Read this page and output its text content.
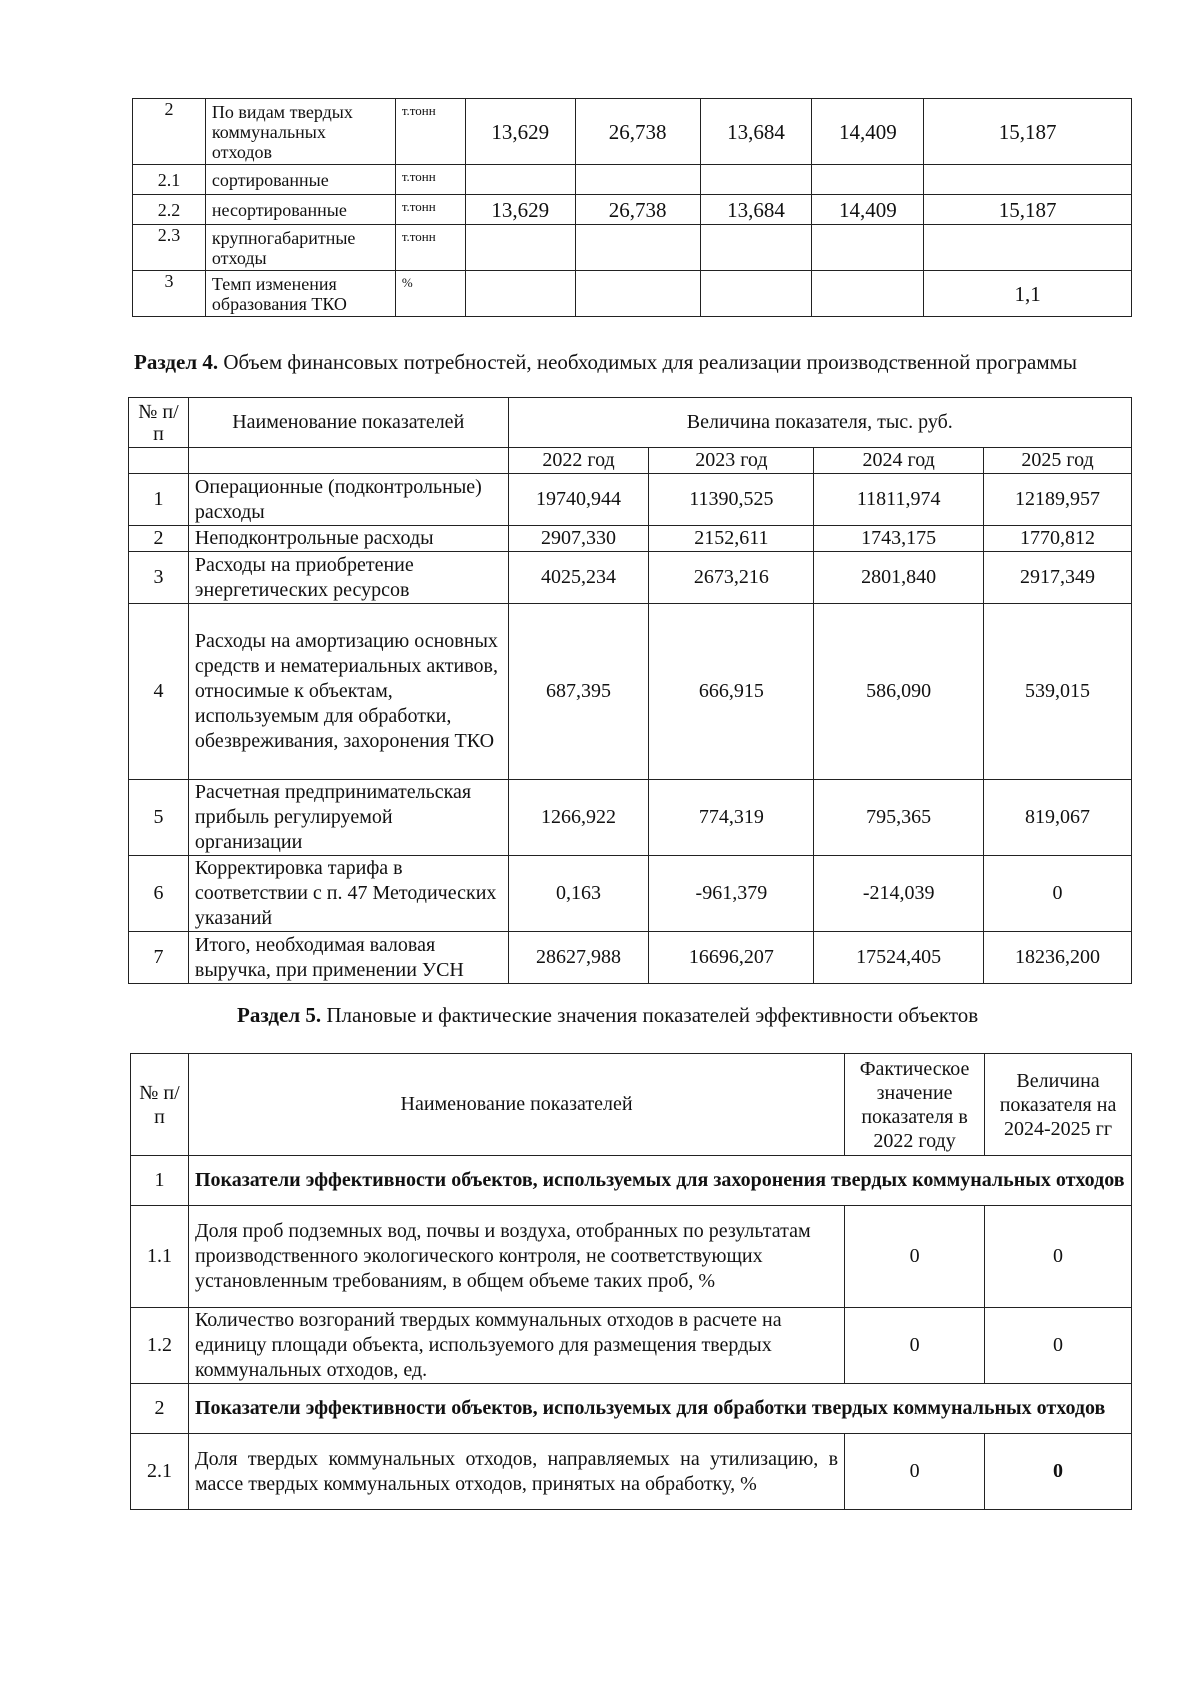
2	По видам твердых коммунальных отходов	т.тонн	13,629	26,738	13,684	14,409	15,187
2.1	сортированные	т.тонн					
2.2	несортированные	т.тонн	13,629	26,738	13,684	14,409	15,187
2.3	крупногабаритные отходы	т.тонн					
3	Темп изменения образования ТКО	%					1,1
Раздел 4. Объем финансовых потребностей, необходимых для реализации производственной программы
№ п/п	Наименование показателей	Величина показателя, тыс. руб.			
		2022 год	2023 год	2024 год	2025 год
1	Операционные (подконтрольные) расходы	19740,944	11390,525	11811,974	12189,957
2	Неподконтрольные расходы	2907,330	2152,611	1743,175	1770,812
3	Расходы на приобретение энергетических ресурсов	4025,234	2673,216	2801,840	2917,349
4	Расходы на амортизацию основных средств и нематериальных активов, относимые к объектам, используемым для обработки, обезвреживания, захоронения ТКО	687,395	666,915	586,090	539,015
5	Расчетная предпринимательская прибыль регулируемой организации	1266,922	774,319	795,365	819,067
6	Корректировка тарифа в соответствии с п. 47 Методических указаний	0,163	-961,379	-214,039	0
7	Итого, необходимая валовая выручка, при применении УСН	28627,988	16696,207	17524,405	18236,200
Раздел 5. Плановые и фактические значения показателей эффективности объектов
№ п/п	Наименование показателей	Фактическое значение показателя в 2022 году	Величина показателя на 2024-2025 гг
1	Показатели эффективности объектов, используемых для захоронения твердых коммунальных отходов		
1.1	Доля проб подземных вод, почвы и воздуха, отобранных по результатам производственного экологического контроля, не соответствующих установленным требованиям, в общем объеме таких проб, %	0	0
1.2	Количество возгораний твердых коммунальных отходов в расчете на единицу площади объекта, используемого для размещения твердых коммунальных отходов, ед.	0	0
2	Показатели эффективности объектов, используемых для обработки твердых коммунальных отходов		
2.1	Доля твердых коммунальных отходов, направляемых на утилизацию, в массе твердых коммунальных отходов, принятых на обработку, %	0	0
